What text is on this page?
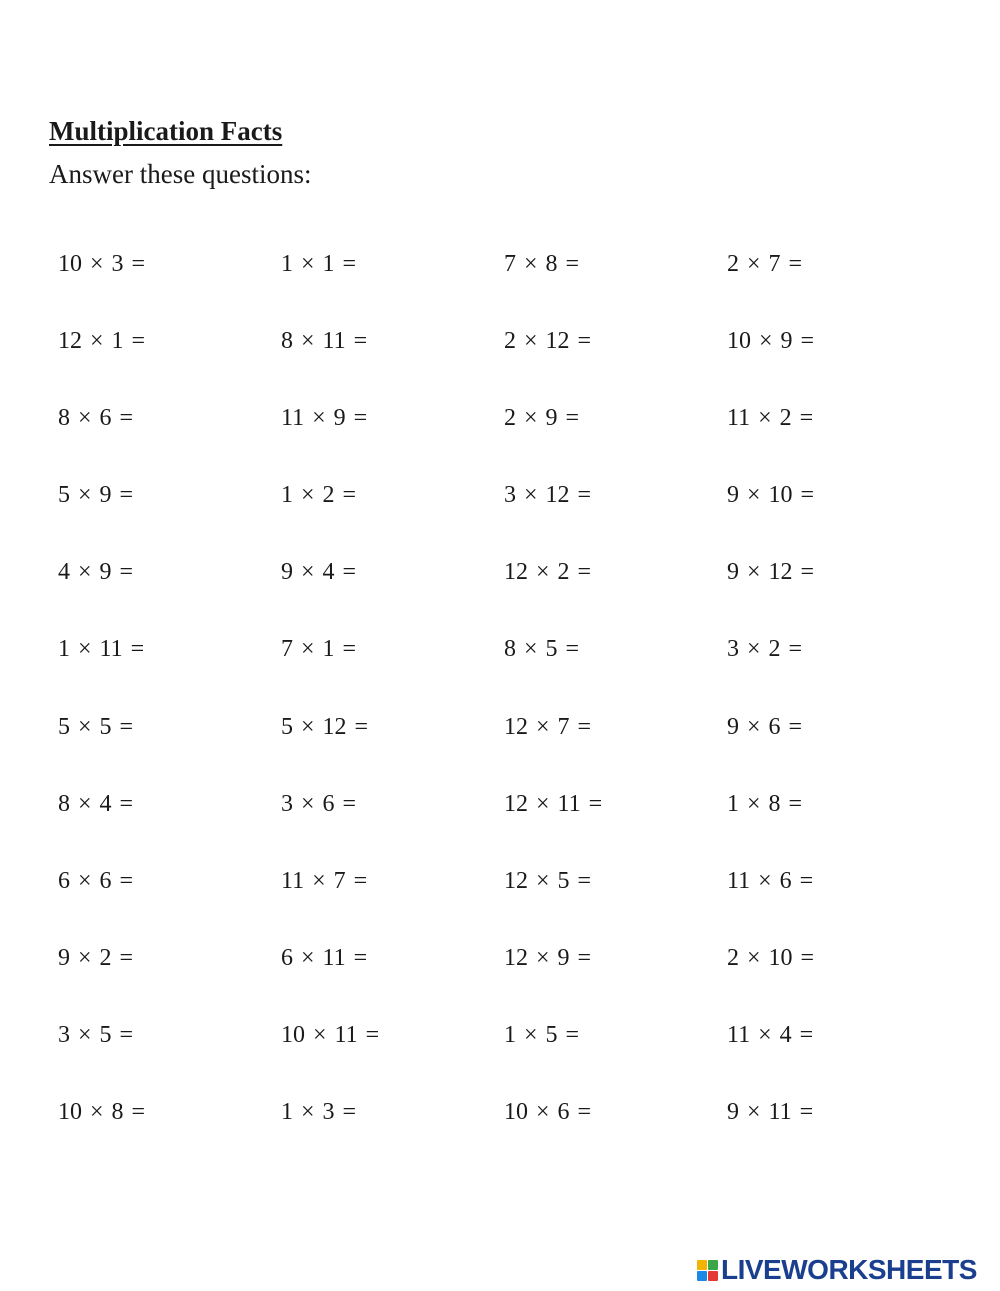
Multiplication Facts

Answer these questions:

10 × 3 =	1 × 1 =	7 × 8 =	2 × 7 =
12 × 1 =	8 × 11 =	2 × 12 =	10 × 9 =
8 × 6 =	11 × 9 =	2 × 9 =	11 × 2 =
5 × 9 =	1 × 2 =	3 × 12 =	9 × 10 =
4 × 9 =	9 × 4 =	12 × 2 =	9 × 12 =
1 × 11 =	7 × 1 =	8 × 5 =	3 × 2 =
5 × 5 =	5 × 12 =	12 × 7 =	9 × 6 =
8 × 4 =	3 × 6 =	12 × 11 =	1 × 8 =
6 × 6 =	11 × 7 =	12 × 5 =	11 × 6 =
9 × 2 =	6 × 11 =	12 × 9 =	2 × 10 =
3 × 5 =	10 × 11 =	1 × 5 =	11 × 4 =
10 × 8 =	1 × 3 =	10 × 6 =	9 × 11 =
LIVEWORKSHEETS
